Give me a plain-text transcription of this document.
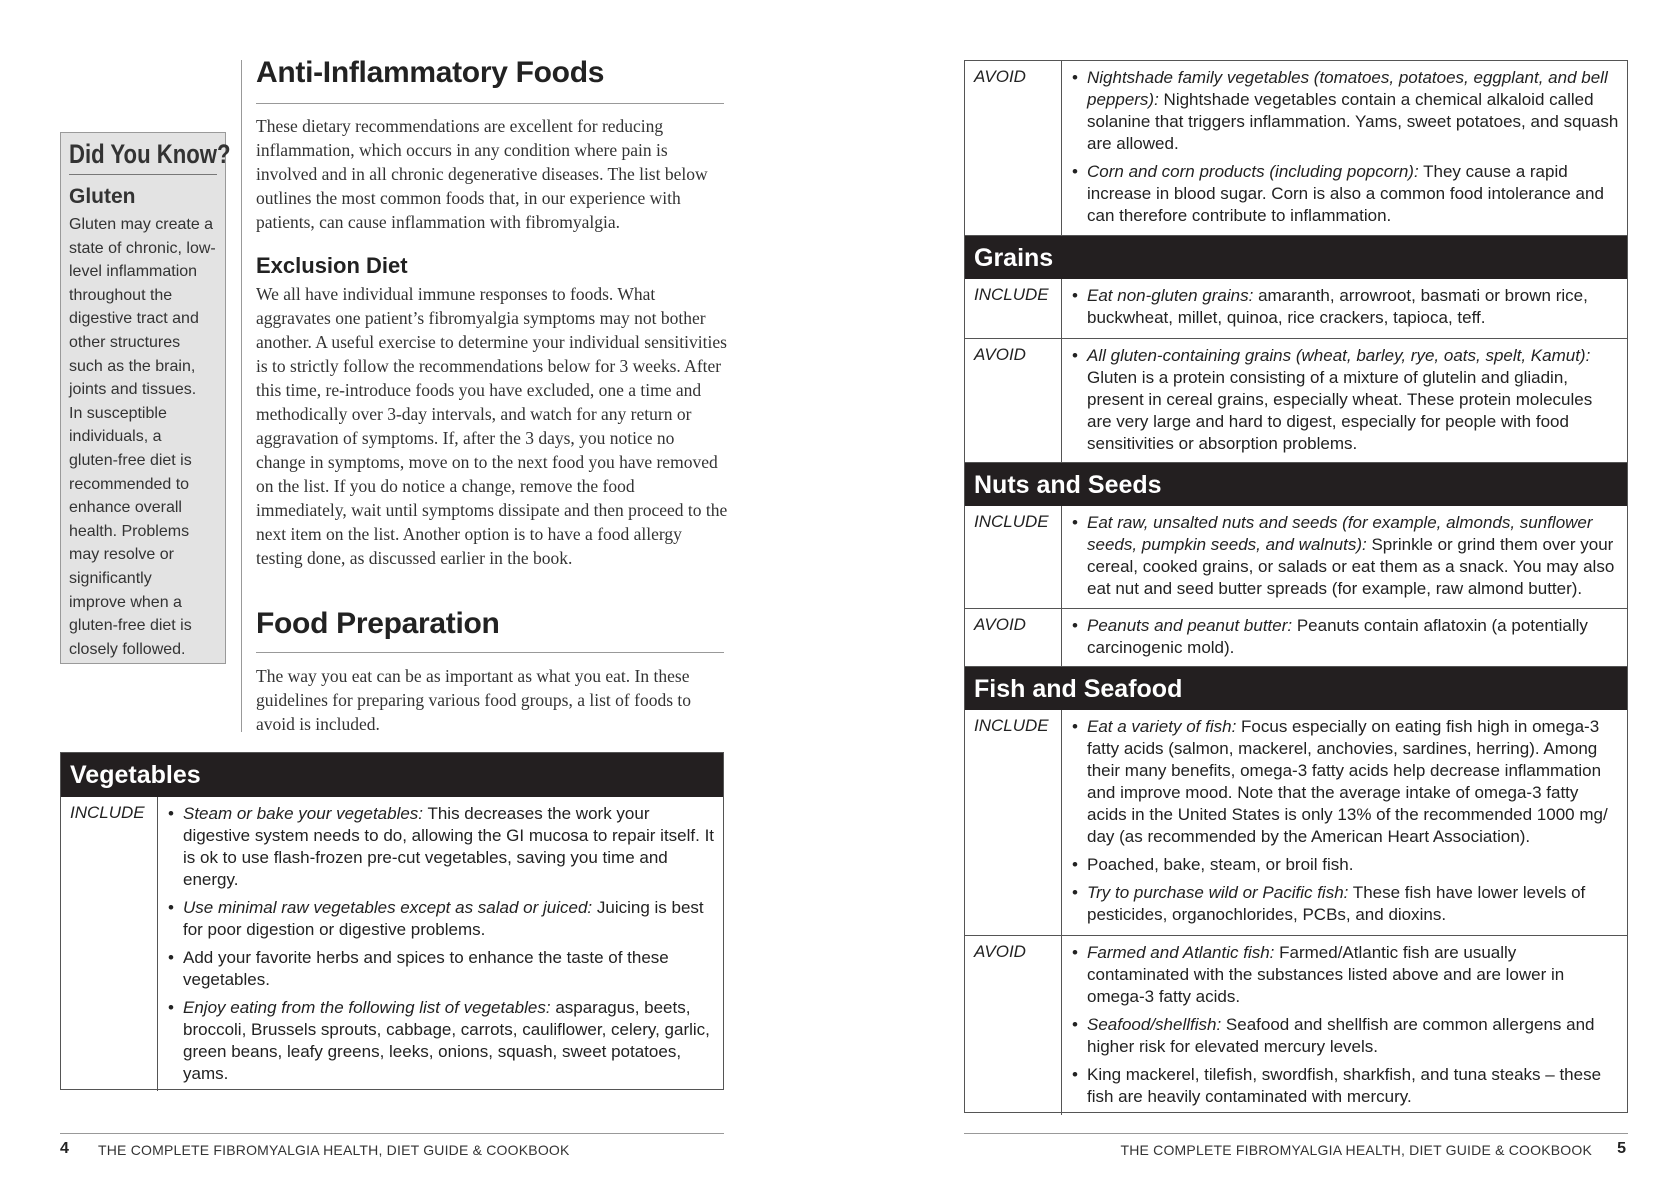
Did You Know?
Gluten
Gluten may create a
state of chronic, low-
level inflammation
throughout the
digestive tract and
other structures
such as the brain,
joints and tissues.
In susceptible
individuals, a
gluten-free diet is
recommended to
enhance overall
health. Problems
may resolve or
significantly
improve when a
gluten-free diet is
closely followed.
Anti-Inflammatory Foods
These dietary recommendations are excellent for reducing inflammation, which occurs in any condition where pain is involved and in all chronic degenerative diseases. The list below outlines the most common foods that, in our experience with patients, can cause inflammation with fibromyalgia.
Exclusion Diet
We all have individual immune responses to foods. What aggravates one patient’s fibromyalgia symptoms may not bother another. A useful exercise to determine your individual sensitivities is to strictly follow the recommendations below for 3 weeks. After this time, re-introduce foods you have excluded, one a time and methodically over 3-day intervals, and watch for any return or aggravation of symptoms. If, after the 3 days, you notice no change in symptoms, move on to the next food you have removed on the list. If you do notice a change, remove the food immediately, wait until symptoms dissipate and then proceed to the next item on the list. Another option is to have a food allergy testing done, as discussed earlier in the book.
Food Preparation
The way you eat can be as important as what you eat. In these guidelines for preparing various food groups, a list of foods to avoid is included.
Vegetables
INCLUDE	• Steam or bake your vegetables: This decreases the work your digestive system needs to do, allowing the GI mucosa to repair itself. It is ok to use flash-frozen pre-cut vegetables, saving you time and energy.
• Use minimal raw vegetables except as salad or juiced: Juicing is best for poor digestion or digestive problems.
• Add your favorite herbs and spices to enhance the taste of these vegetables.
• Enjoy eating from the following list of vegetables: asparagus, beets, broccoli, Brussels sprouts, cabbage, carrots, cauliflower, celery, garlic, green beans, leafy greens, leeks, onions, squash, sweet potatoes, yams.
AVOID	• Nightshade family vegetables (tomatoes, potatoes, eggplant, and bell peppers): Nightshade vegetables contain a chemical alkaloid called solanine that triggers inflammation. Yams, sweet potatoes, and squash are allowed.
• Corn and corn products (including popcorn): They cause a rapid increase in blood sugar. Corn is also a common food intolerance and can therefore contribute to inflammation.
Grains
INCLUDE	• Eat non-gluten grains: amaranth, arrowroot, basmati or brown rice, buckwheat, millet, quinoa, rice crackers, tapioca, teff.
AVOID	• All gluten-containing grains (wheat, barley, rye, oats, spelt, Kamut): Gluten is a protein consisting of a mixture of glutelin and gliadin, present in cereal grains, especially wheat. These protein molecules are very large and hard to digest, especially for people with food sensitivities or absorption problems.
Nuts and Seeds
INCLUDE	• Eat raw, unsalted nuts and seeds (for example, almonds, sunflower seeds, pumpkin seeds, and walnuts): Sprinkle or grind them over your cereal, cooked grains, or salads or eat them as a snack. You may also eat nut and seed butter spreads (for example, raw almond butter).
AVOID	• Peanuts and peanut butter: Peanuts contain aflatoxin (a potentially carcinogenic mold).
Fish and Seafood
INCLUDE	• Eat a variety of fish: Focus especially on eating fish high in omega-3 fatty acids (salmon, mackerel, anchovies, sardines, herring). Among their many benefits, omega-3 fatty acids help decrease inflammation and improve mood. Note that the average intake of omega-3 fatty acids in the United States is only 13% of the recommended 1000 mg/ day (as recommended by the American Heart Association).
• Poached, bake, steam, or broil fish.
• Try to purchase wild or Pacific fish: These fish have lower levels of pesticides, organochlorides, PCBs, and dioxins.
AVOID	• Farmed and Atlantic fish: Farmed/Atlantic fish are usually contaminated with the substances listed above and are lower in omega-3 fatty acids.
• Seafood/shellfish: Seafood and shellfish are common allergens and higher risk for elevated mercury levels.
• King mackerel, tilefish, swordfish, sharkfish, and tuna steaks – these fish are heavily contaminated with mercury.
4 THE COMPLETE FIBROMYALGIA HEALTH, DIET GUIDE & COOKBOOK	THE COMPLETE FIBROMYALGIA HEALTH, DIET GUIDE & COOKBOOK 5
